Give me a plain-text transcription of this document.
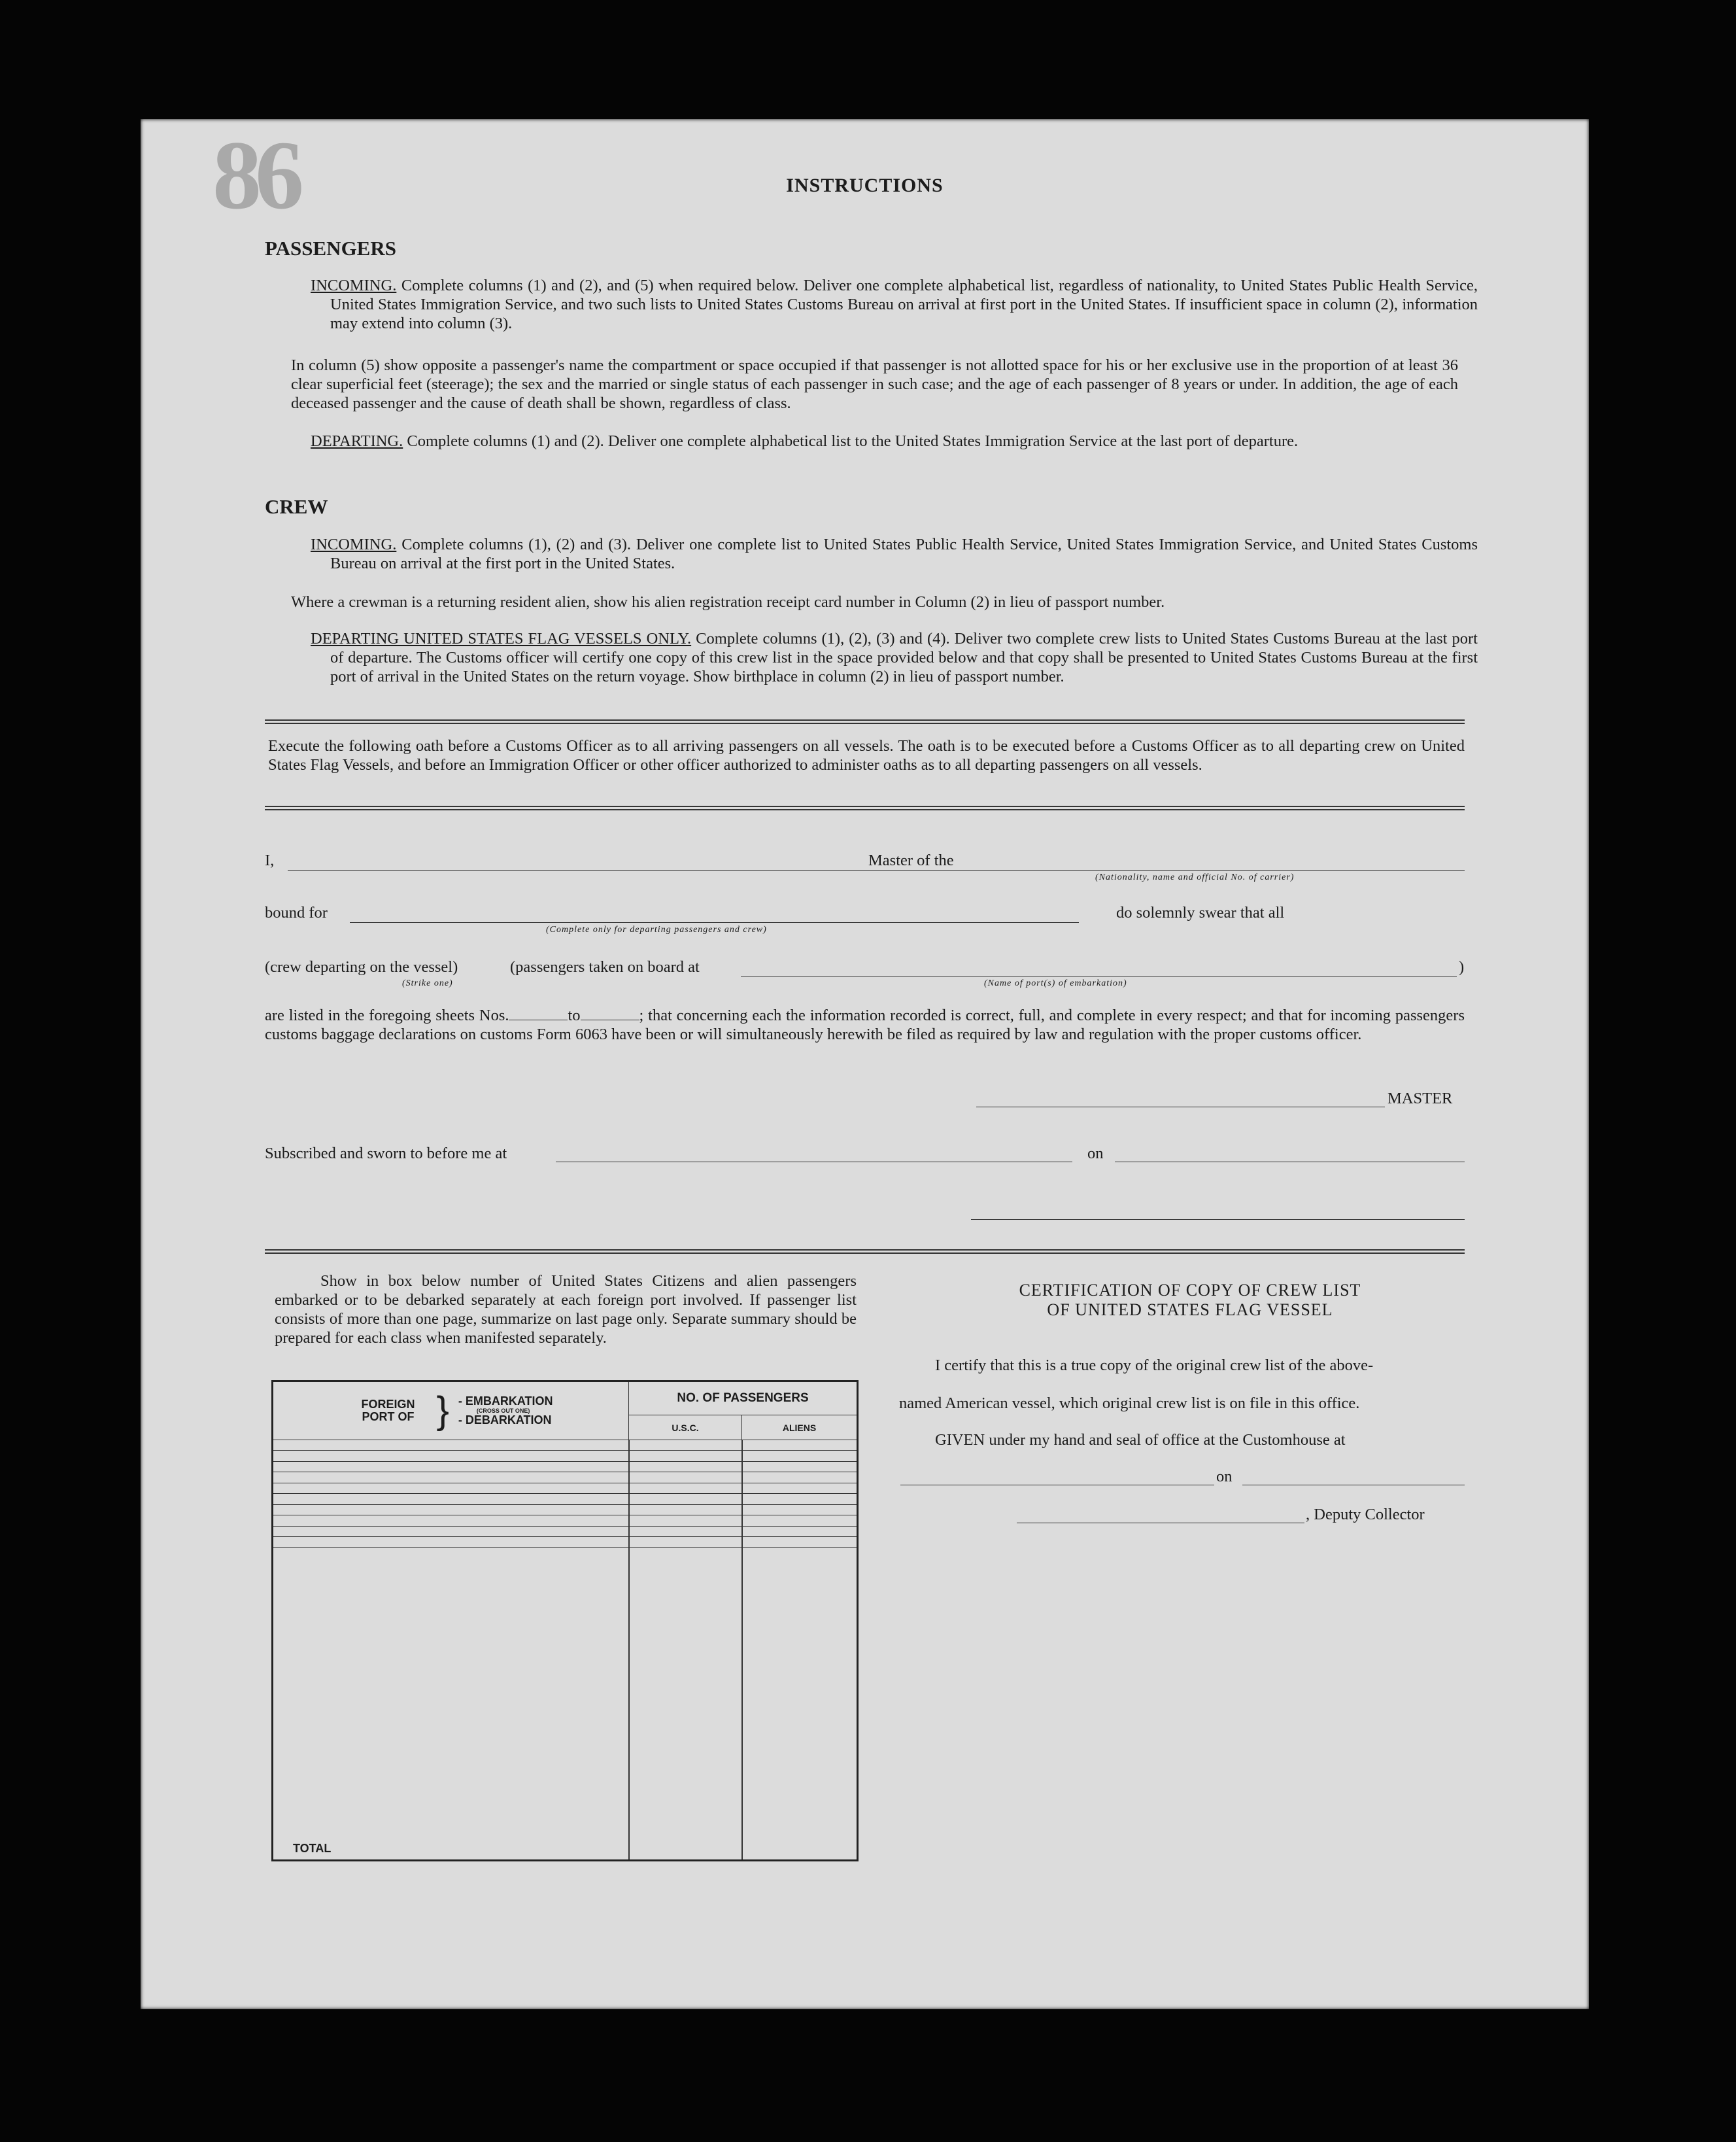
86	INSTRUCTIONS
PASSENGERS
INCOMING. Complete columns (1) and (2), and (5) when required below. Deliver one complete alphabetical list, regardless of nationality, to United States Public Health Service, United States Immigration Service, and two such lists to United States Customs Bureau on arrival at first port in the United States. If insufficient space in column (2), information may extend into column (3).
In column (5) show opposite a passenger's name the compartment or space occupied if that passenger is not allotted space for his or her exclusive use in the proportion of at least 36 clear superficial feet (steerage); the sex and the married or single status of each passenger in such case; and the age of each passenger of 8 years or under. In addition, the age of each deceased passenger and the cause of death shall be shown, regardless of class.
DEPARTING. Complete columns (1) and (2). Deliver one complete alphabetical list to the United States Immigration Service at the last port of departure.
CREW
INCOMING. Complete columns (1), (2) and (3). Deliver one complete list to United States Public Health Service, United States Immigration Service, and United States Customs Bureau on arrival at the first port in the United States.
Where a crewman is a returning resident alien, show his alien registration receipt card number in Column (2) in lieu of passport number.
DEPARTING UNITED STATES FLAG VESSELS ONLY. Complete columns (1), (2), (3) and (4). Deliver two complete crew lists to United States Customs Bureau at the last port of departure. The Customs officer will certify one copy of this crew list in the space provided below and that copy shall be presented to United States Customs Bureau at the first port of arrival in the United States on the return voyage. Show birthplace in column (2) in lieu of passport number.
Execute the following oath before a Customs Officer as to all arriving passengers on all vessels. The oath is to be executed before a Customs Officer as to all departing crew on United States Flag Vessels, and before an Immigration Officer or other officer authorized to administer oaths as to all departing passengers on all vessels.
I,	Master of the
(Nationality, name and official No. of carrier)
bound for	do solemnly swear that all
(Complete only for departing passengers and crew)
(crew departing on the vessel)	(passengers taken on board at	)
(Strike one)	(Name of port(s) of embarkation)
are listed in the foregoing sheets Nos.	to	; that concerning each the information recorded is correct, full, and complete in every respect; and that for incoming passengers customs baggage declarations on customs Form 6063 have been or will simultaneously herewith be filed as required by law and regulation with the proper customs officer.
MASTER
Subscribed and sworn to before me at	on
Show in box below number of United States Citizens and alien passengers embarked or to be debarked separately at each foreign port involved. If passenger list consists of more than one page, summarize on last page only. Separate summary should be prepared for each class when manifested separately.
FOREIGN PORT OF } - EMBARKATION
(CROSS OUT ONE)
- DEBARKATION	NO. OF PASSENGERS	
	U.S.C.	ALIENS

TOTAL		
CERTIFICATION OF COPY OF CREW LIST
OF UNITED STATES FLAG VESSEL
I certify that this is a true copy of the original crew list of the above-
named American vessel, which original crew list is on file in this office.
GIVEN under my hand and seal of office at the Customhouse at
on
, Deputy Collector
